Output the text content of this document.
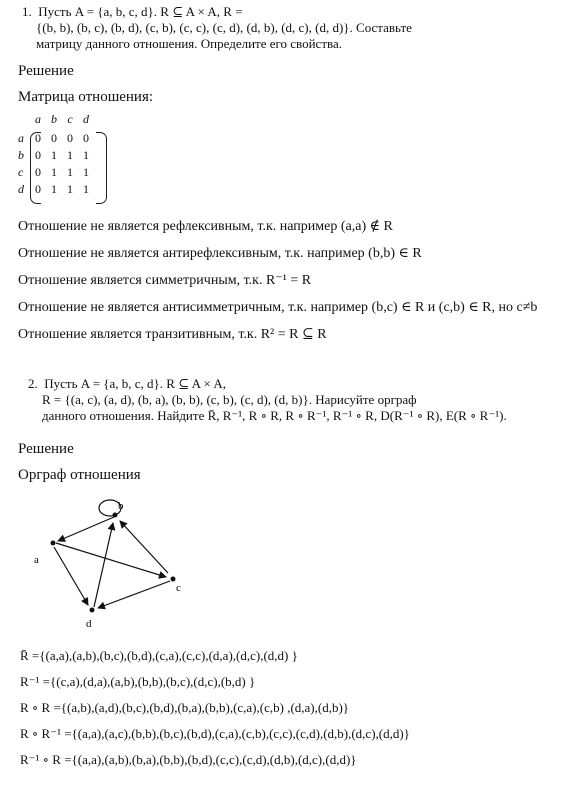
1. Пусть A = {a, b, c, d}. R ⊆ A × A, R =
{(b, b), (b, c), (b, d), (c, b), (c, c), (c, d), (d, b), (d, c), (d, d)}. Составьте
матрицу данного отношения. Определите его свойства.
Решение
Матрица отношения:
a b c d
a 0 0 0 0
b 0 1 1 1
c 0 1 1 1
d 0 1 1 1
Отношение не является рефлексивным, т.к. например (a,a) ∉ R
Отношение не является антирефлексивным, т.к. например (b,b) ∈ R
Отношение является симметричным, т.к. R⁻¹ = R
Отношение не является антисимметричным, т.к. например (b,c) ∈ R и (c,b) ∈ R, но c≠b
Отношение является транзитивным, т.к. R² = R ⊆ R
2. Пусть A = {a, b, c, d}. R ⊆ A × A,
R = {(a, c), (a, d), (b, a), (b, b), (c, b), (c, d), (d, b)}. Нарисуйте орграф
данного отношения. Найдите R̄, R⁻¹, R ∘ R, R ∘ R⁻¹, R⁻¹ ∘ R, D(R⁻¹ ∘ R), E(R ∘ R⁻¹).
Решение
Орграф отношения
a
b
c
d
R̄ ={(a,a),(a,b),(b,c),(b,d),(c,a),(c,c),(d,a),(d,c),(d,d) }
R⁻¹ ={(c,a),(d,a),(a,b),(b,b),(b,c),(d,c),(b,d) }
R ∘ R ={(a,b),(a,d),(b,c),(b,d),(b,a),(b,b),(c,a),(c,b) ,(d,a),(d,b)}
R ∘ R⁻¹ ={(a,a),(a,c),(b,b),(b,c),(b,d),(c,a),(c,b),(c,c),(c,d),(d,b),(d,c),(d,d)}
R⁻¹ ∘ R ={(a,a),(a,b),(b,a),(b,b),(b,d),(c,c),(c,d),(d,b),(d,c),(d,d)}
